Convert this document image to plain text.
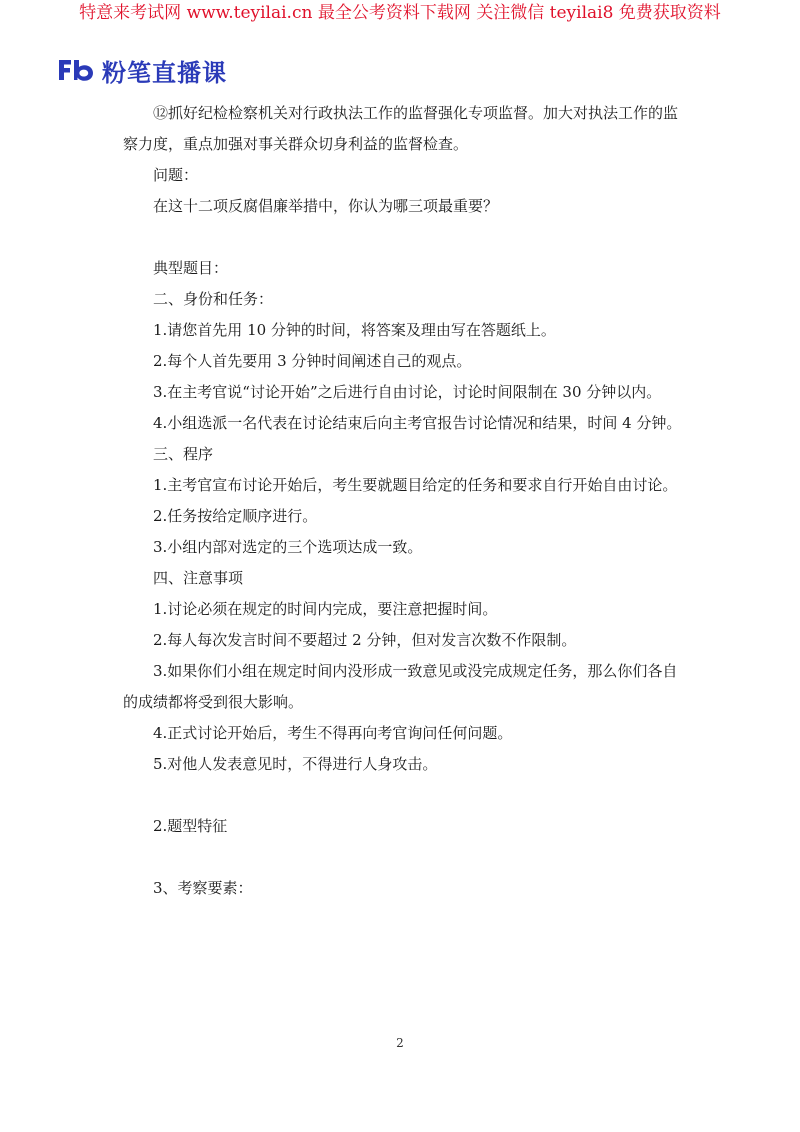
特意来考试网 www.teyilai.cn 最全公考资料下载网 关注微信 teyilai8 免费获取资料
粉笔直播课

⑫抓好纪检检察机关对行政执法工作的监督强化专项监督。加大对执法工作的监察力度，重点加强对事关群众切身利益的监督检查。

问题：

在这十二项反腐倡廉举措中，你认为哪三项最重要？

典型题目：

二、身份和任务：

1.请您首先用 10 分钟的时间，将答案及理由写在答题纸上。

2.每个人首先要用 3 分钟时间阐述自己的观点。

3.在主考官说“讨论开始”之后进行自由讨论，讨论时间限制在 30 分钟以内。

4.小组选派一名代表在讨论结束后向主考官报告讨论情况和结果，时间 4 分钟。

三、程序

1.主考官宣布讨论开始后，考生要就题目给定的任务和要求自行开始自由讨论。

2.任务按给定顺序进行。

3.小组内部对选定的三个选项达成一致。

四、注意事项

1.讨论必须在规定的时间内完成，要注意把握时间。

2.每人每次发言时间不要超过 2 分钟，但对发言次数不作限制。

3.如果你们小组在规定时间内没形成一致意见或没完成规定任务，那么你们各自的成绩都将受到很大影响。

4.正式讨论开始后，考生不得再向考官询问任何问题。

5.对他人发表意见时，不得进行人身攻击。

2.题型特征

3、考察要素：

2
